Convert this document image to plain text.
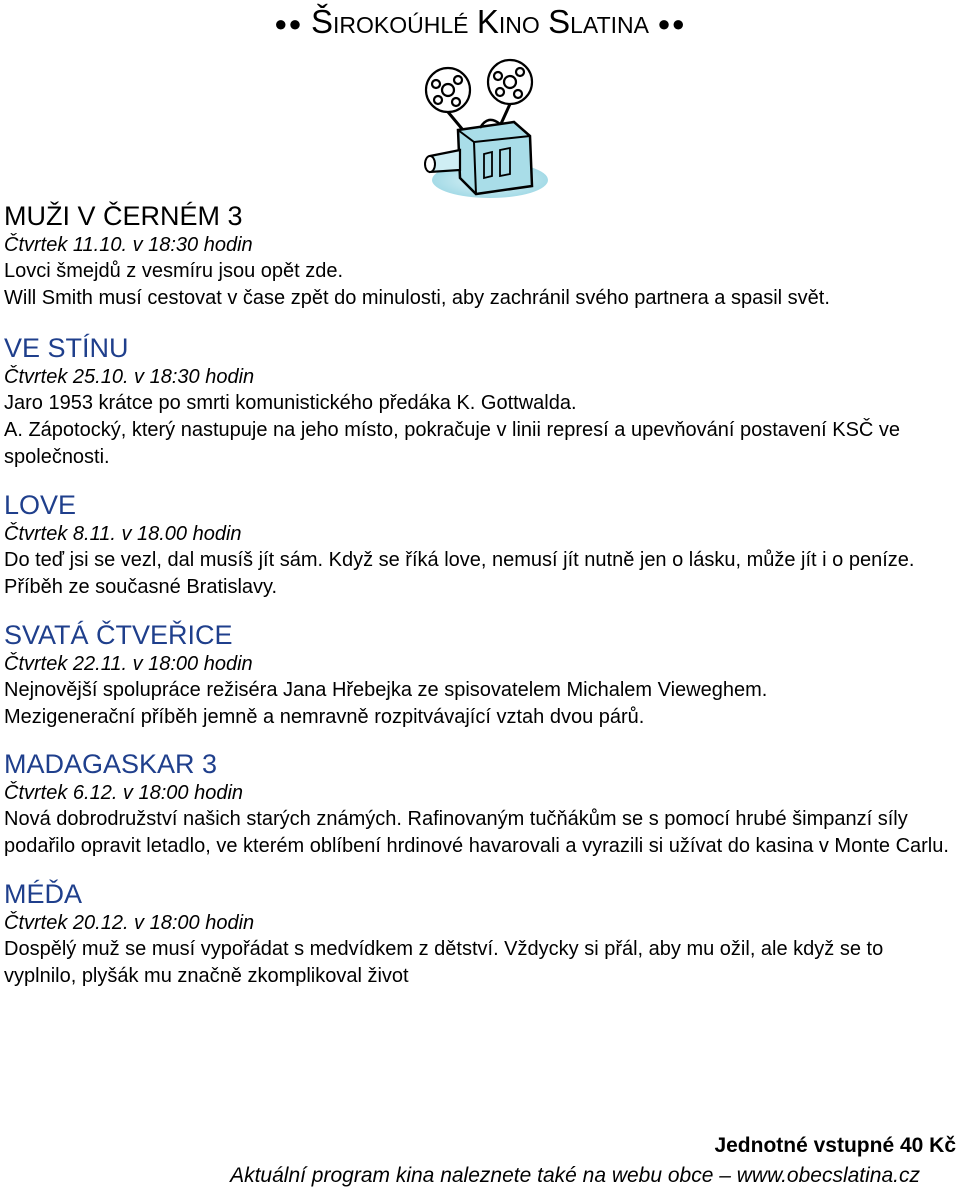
●● ŠIROKOÚHLÉ KINO SLATINA ●●
MUŽI V ČERNÉM 3
Čtvrtek 11.10. v 18:30 hodin

Lovci šmejdů z vesmíru jsou opět zde.

Will Smith musí cestovat v čase zpět do minulosti, aby zachránil svého partnera a spasil svět.

VE STÍNU
Čtvrtek 25.10. v 18:30 hodin

Jaro 1953 krátce po smrti komunistického předáka K. Gottwalda.

A. Zápotocký, který nastupuje na jeho místo, pokračuje v linii represí a upevňování postavení KSČ ve společnosti.

LOVE
Čtvrtek 8.11. v 18.00 hodin

Do teď jsi se vezl, dal musíš jít sám. Když se říká love, nemusí jít nutně jen o lásku, může jít i o peníze. Příběh ze současné Bratislavy.

SVATÁ ČTVEŘICE
Čtvrtek 22.11. v 18:00 hodin

Nejnovější spolupráce režiséra Jana Hřebejka ze spisovatelem Michalem Vieweghem.

Mezigenerační příběh jemně a nemravně rozpitvávající vztah dvou párů.

MADAGASKAR 3
Čtvrtek 6.12. v 18:00 hodin

Nová dobrodružství našich starých známých. Rafinovaným tučňákům se s pomocí hrubé šimpanzí síly podařilo opravit letadlo, ve kterém oblíbení hrdinové havarovali a vyrazili si užívat do kasina v Monte Carlu.

MÉĎA
Čtvrtek 20.12. v 18:00 hodin

Dospělý muž se musí vypořádat s medvídkem z dětství. Vždycky si přál, aby mu ožil, ale když se to vyplnilo, plyšák mu značně zkomplikoval život

Jednotné vstupné 40 Kč
Aktuální program kina naleznete také na webu obce – www.obecslatina.cz
